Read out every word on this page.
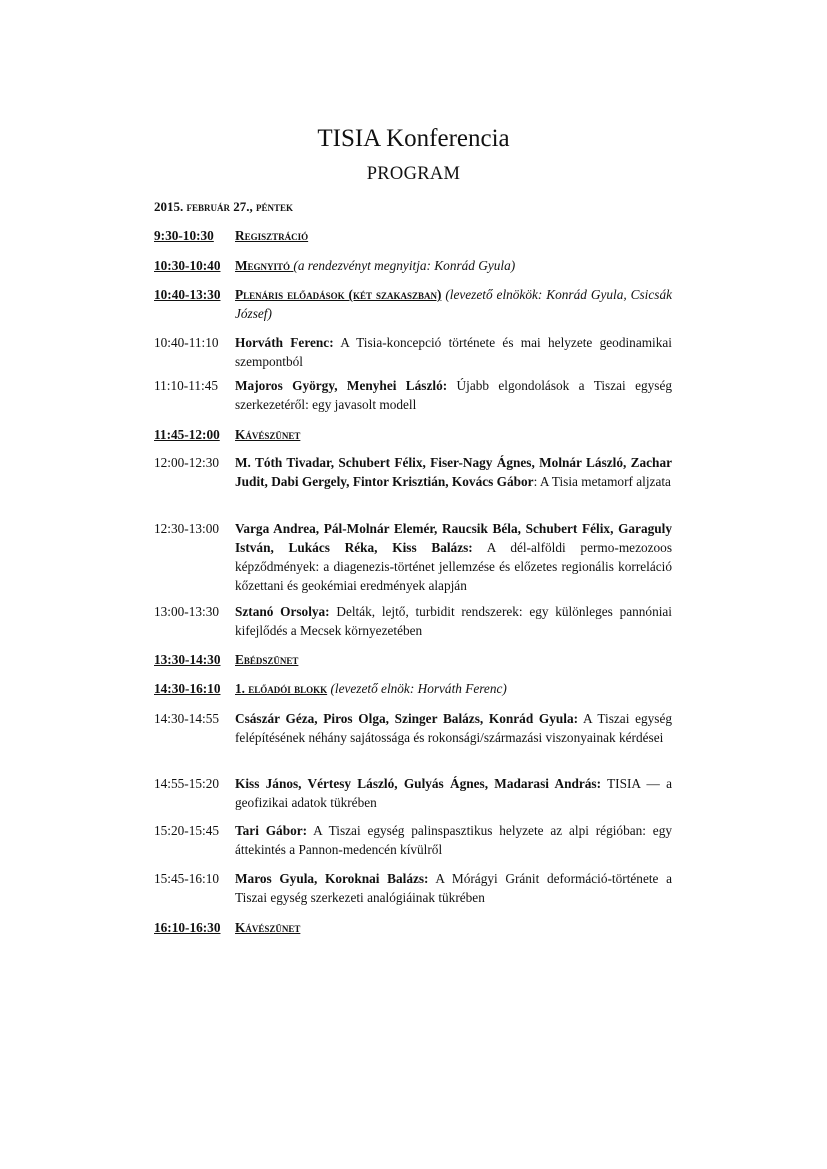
TISIA Konferencia
PROGRAM
2015. február 27., péntek
9:30-10:30	Regisztráció
10:30-10:40	Megnyitó (a rendezvényt megnyitja: Konrád Gyula)
10:40-13:30	Plenáris előadások (két szakaszban) (levezető elnökök: Konrád Gyula, Csicsák József)
10:40-11:10	Horváth Ferenc: A Tisia-koncepció története és mai helyzete geodinamikai szempontból
11:10-11:45	Majoros György, Menyhei László: Újabb elgondolások a Tiszai egység szerkezetéről: egy javasolt modell
11:45-12:00	Kávészünet
12:00-12:30	M. Tóth Tivadar, Schubert Félix, Fiser-Nagy Ágnes, Molnár László, Zachar Judit, Dabi Gergely, Fintor Krisztián, Kovács Gábor: A Tisia metamorf aljzata
12:30-13:00	Varga Andrea, Pál-Molnár Elemér, Raucsik Béla, Schubert Félix, Garaguly István, Lukács Réka, Kiss Balázs: A dél-alföldi permo-mezozoos képződmények: a diagenezis-történet jellemzése és előzetes regionális korreláció kőzettani és geokémiai eredmények alapján
13:00-13:30	Sztanó Orsolya: Delták, lejtő, turbidit rendszerek: egy különleges pannóniai kifejlődés a Mecsek környezetében
13:30-14:30	Ebédszünet
14:30-16:10	1. előadói blokk (levezető elnök: Horváth Ferenc)
14:30-14:55	Császár Géza, Piros Olga, Szinger Balázs, Konrád Gyula: A Tiszai egység felépítésének néhány sajátossága és rokonsági/származási viszonyainak kérdései
14:55-15:20	Kiss János, Vértesy László, Gulyás Ágnes, Madarasi András: TISIA — a geofizikai adatok tükrében
15:20-15:45	Tari Gábor: A Tiszai egység palinspasztikus helyzete az alpi régióban: egy áttekintés a Pannon-medencén kívülről
15:45-16:10	Maros Gyula, Koroknai Balázs: A Mórágyi Gránit deformáció-története a Tiszai egység szerkezeti analógiáinak tükrében
16:10-16:30	Kávészünet
